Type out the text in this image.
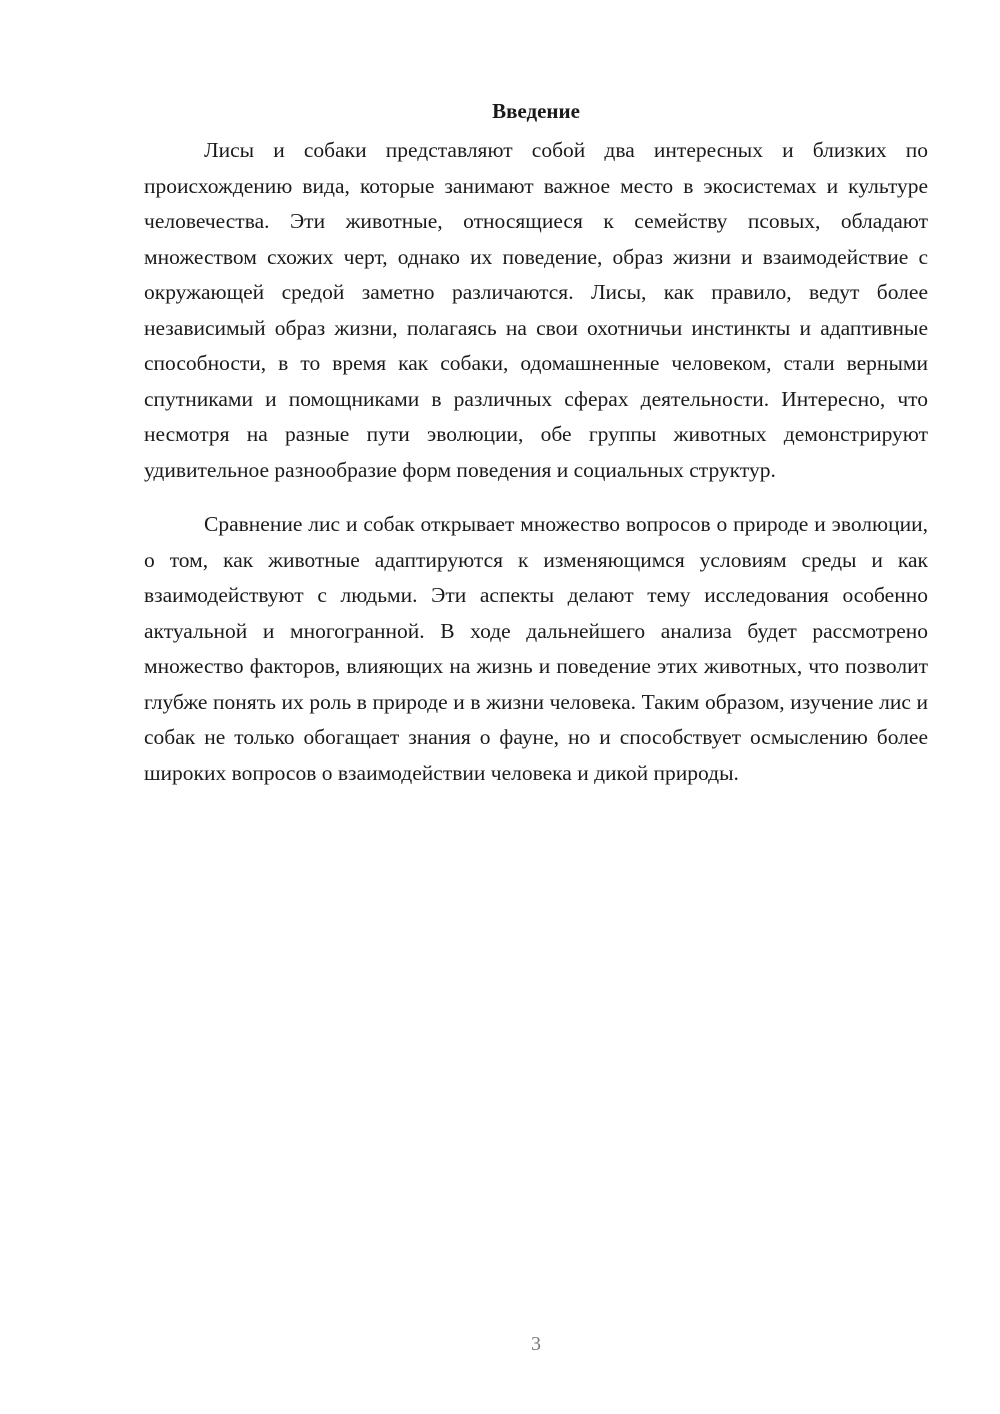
Введение

Лисы и собаки представляют собой два интересных и близких по происхождению вида, которые занимают важное место в экосистемах и культуре человечества. Эти животные, относящиеся к семейству псовых, обладают множеством схожих черт, однако их поведение, образ жизни и взаимодействие с окружающей средой заметно различаются. Лисы, как правило, ведут более независимый образ жизни, полагаясь на свои охотничьи инстинкты и адаптивные способности, в то время как собаки, одомашненные человеком, стали верными спутниками и помощниками в различных сферах деятельности. Интересно, что несмотря на разные пути эволюции, обе группы животных демонстрируют удивительное разнообразие форм поведения и социальных структур.

Сравнение лис и собак открывает множество вопросов о природе и эволюции, о том, как животные адаптируются к изменяющимся условиям среды и как взаимодействуют с людьми. Эти аспекты делают тему исследования особенно актуальной и многогранной. В ходе дальнейшего анализа будет рассмотрено множество факторов, влияющих на жизнь и поведение этих животных, что позволит глубже понять их роль в природе и в жизни человека. Таким образом, изучение лис и собак не только обогащает знания о фауне, но и способствует осмыслению более широких вопросов о взаимодействии человека и дикой природы.

3
